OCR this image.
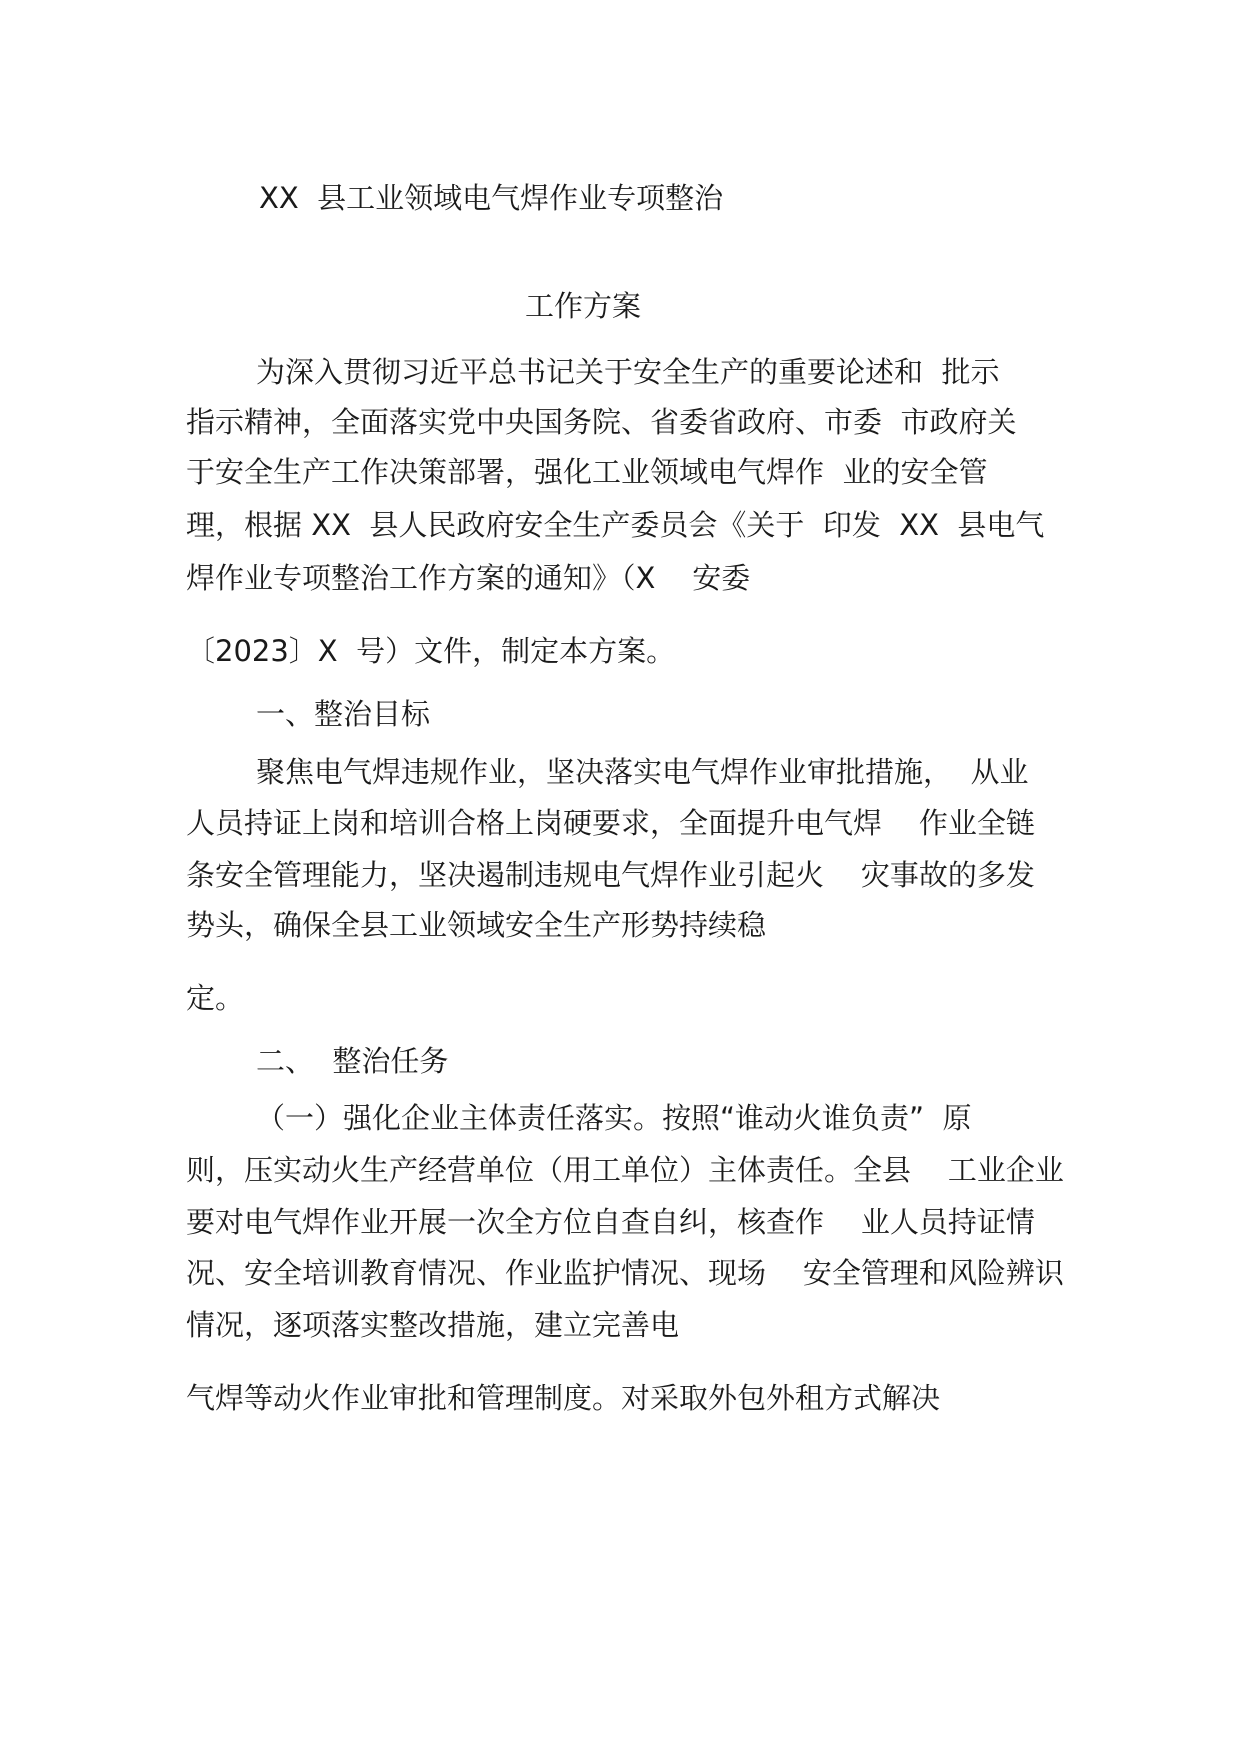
XX  县工业领域电气焊作业专项整治
工作方案
为深入贯彻习近平总书记关于安全生产的重要论述和  批示
指示精神，全面落实党中央国务院、省委省政府、市委  市政府关
于安全生产工作决策部署，强化工业领域电气焊作  业的安全管
理，根据 XX  县人民政府安全生产委员会《关于  印发  XX  县电气
焊作业专项整治工作方案的通知》（X    安委
〔2023〕X  号）文件，制定本方案。
一、整治目标
聚焦电气焊违规作业，坚决落实电气焊作业审批措施，  从业
人员持证上岗和培训合格上岗硬要求，全面提升电气焊    作业全链
条安全管理能力，坚决遏制违规电气焊作业引起火    灾事故的多发
势头，确保全县工业领域安全生产形势持续稳
定。
二、  整治任务
（一）强化企业主体责任落实。按照“谁动火谁负责”  原
则，压实动火生产经营单位（用工单位）主体责任。全县    工业企业
要对电气焊作业开展一次全方位自查自纠，核查作    业人员持证情
况、安全培训教育情况、作业监护情况、现场    安全管理和风险辨识
情况，逐项落实整改措施，建立完善电
气焊等动火作业审批和管理制度。对采取外包外租方式解决
